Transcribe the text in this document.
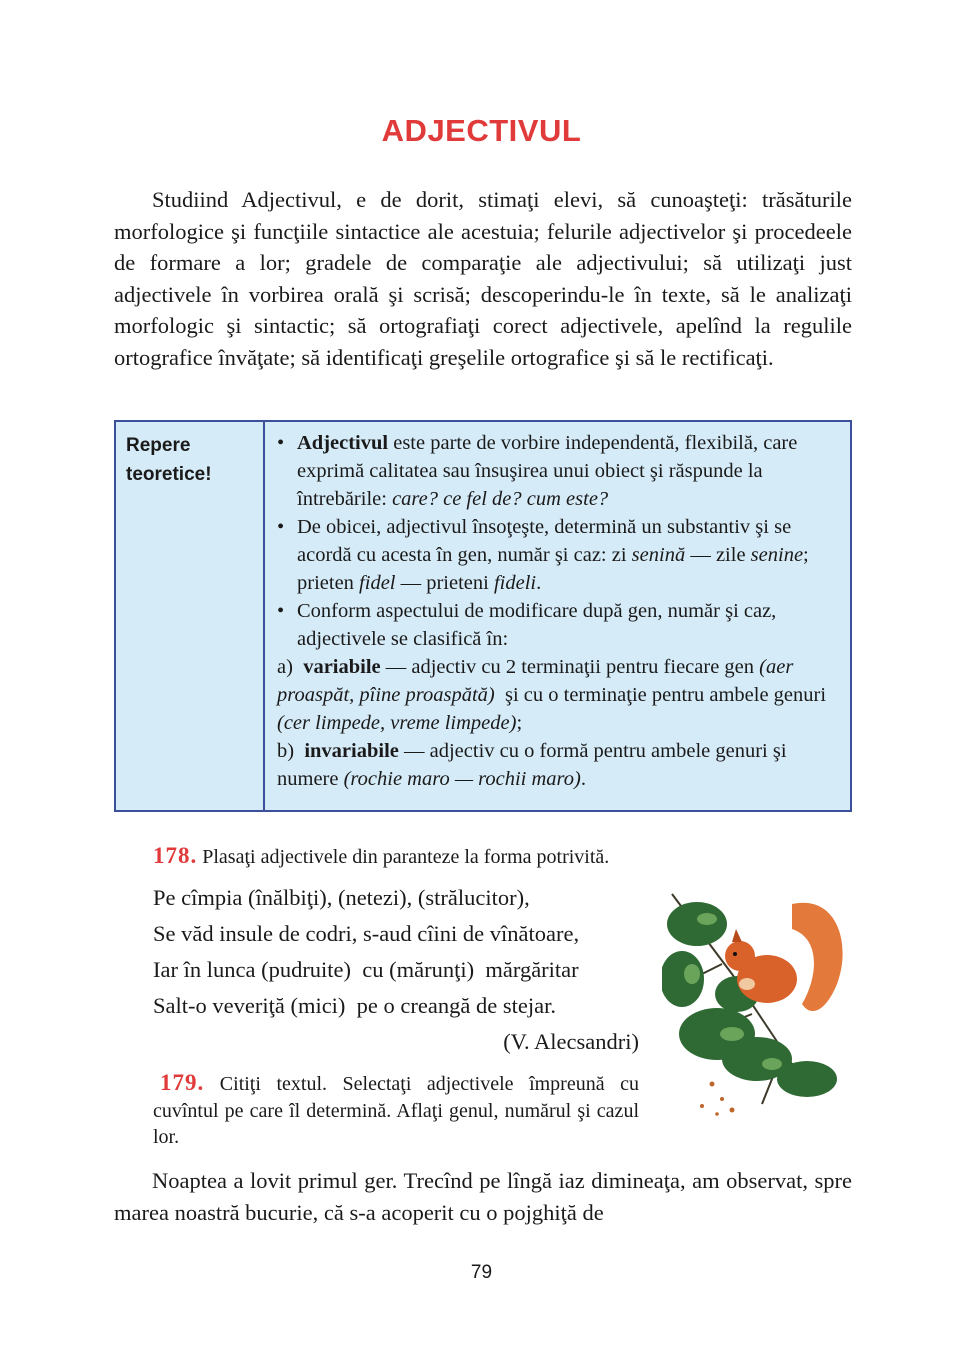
ADJECTIVUL

Studiind Adjectivul, e de dorit, stimaţi elevi, să cunoaşteţi: trăsăturile morfologice şi funcţiile sintactice ale acestuia; felurile adjectivelor şi procedeele de formare a lor; gradele de comparaţie ale adjectivului; să utilizaţi just adjectivele în vorbirea orală şi scrisă; descoperindu-le în texte, să le analizaţi morfologic şi sintactic; să ortografiaţi corect adjectivele, apelînd la regulile ortografice învăţate; să identificaţi greşelile ortografice şi să le rectificaţi.

Repere
teoretice!
• Adjectivul este parte de vorbire independentă, flexibilă, care exprimă calitatea sau însuşirea unui obiect şi răspunde la întrebările: care? ce fel de? cum este?
• De obicei, adjectivul însoţeşte, determină un substantiv şi se acordă cu acesta în gen, număr şi caz: zi senină — zile senine; prieten fidel — prieteni fideli.
• Conform aspectului de modificare după gen, număr şi caz, adjectivele se clasifică în:
a)  variabile — adjectiv cu 2 terminaţii pentru fiecare gen (aer proaspăt, pîine proaspătă)  şi cu o terminaţie pentru ambele genuri (cer limpede, vreme limpede);
b)  invariabile — adjectiv cu o formă pentru ambele genuri şi numere (rochie maro — rochii maro).
178. Plasaţi adjectivele din paranteze la forma potrivită.
Pe cîmpia (înălbiţi), (netezi), (strălucitor),
Se văd insule de codri, s-aud cîini de vînătoare,
Iar în lunca (pudruite)  cu (mărunţi)  mărgăritar
Salt-o veveriţă (mici)  pe o creangă de stejar.
(V. Alecsandri)
179. Citiţi textul. Selectaţi adjectivele împreună cu cuvîntul pe care îl determină. Aflaţi genul, numărul şi cazul lor.

Noaptea a lovit primul ger. Trecînd pe lîngă iaz dimineaţa, am observat, spre marea noastră bucurie, că s-a acoperit cu o pojghiţă de

79
